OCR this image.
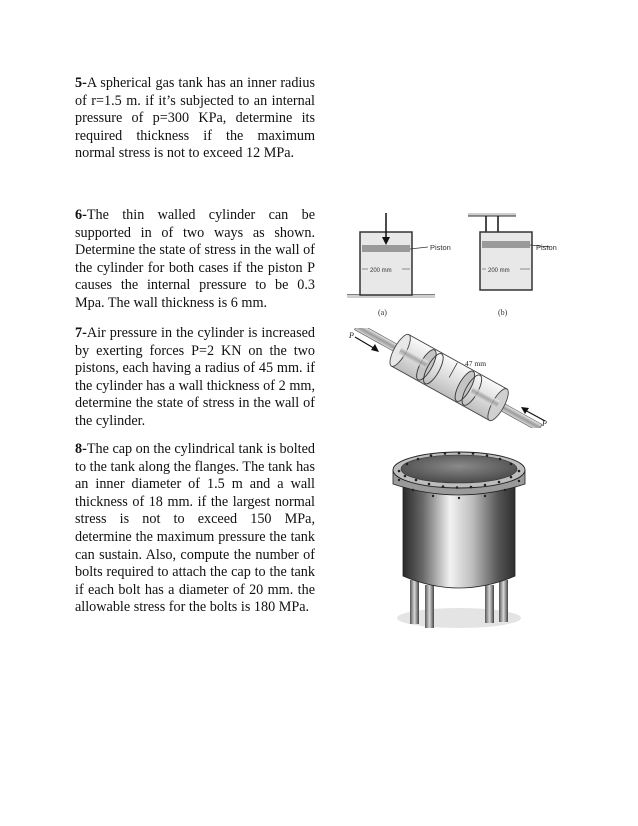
5-A spherical gas tank has an inner radius of r=1.5 m. if it’s subjected to an internal pressure of p=300 KPa, determine its required thickness if the maximum normal stress is not to exceed 12 MPa.
6-The thin walled cylinder can be supported in of two ways as shown. Determine the state of stress in the wall of the cylinder for both cases if the piston P causes the internal pressure to be 0.3 Mpa. The wall thickness is 6 mm.
7-Air pressure in the cylinder is increased by exerting forces P=2 KN on the two pistons, each having a radius of 45 mm. if the cylinder has a wall thickness of 2 mm, determine the state of stress in the wall of the cylinder.
8-The cap on the cylindrical tank is bolted to the tank along the flanges. The tank has an inner diameter of 1.5 m and a wall thickness of 18 mm. if the largest normal stress is not to exceed 150 MPa, determine the maximum pressure the tank can sustain. Also, compute the number of bolts required to attach the cap to the tank if each bolt has a diameter of 20 mm. the allowable stress for the bolts is 180 MPa.
Piston
200 mm
(a)
Piston
200 mm
(b)
P
P
47 mm
